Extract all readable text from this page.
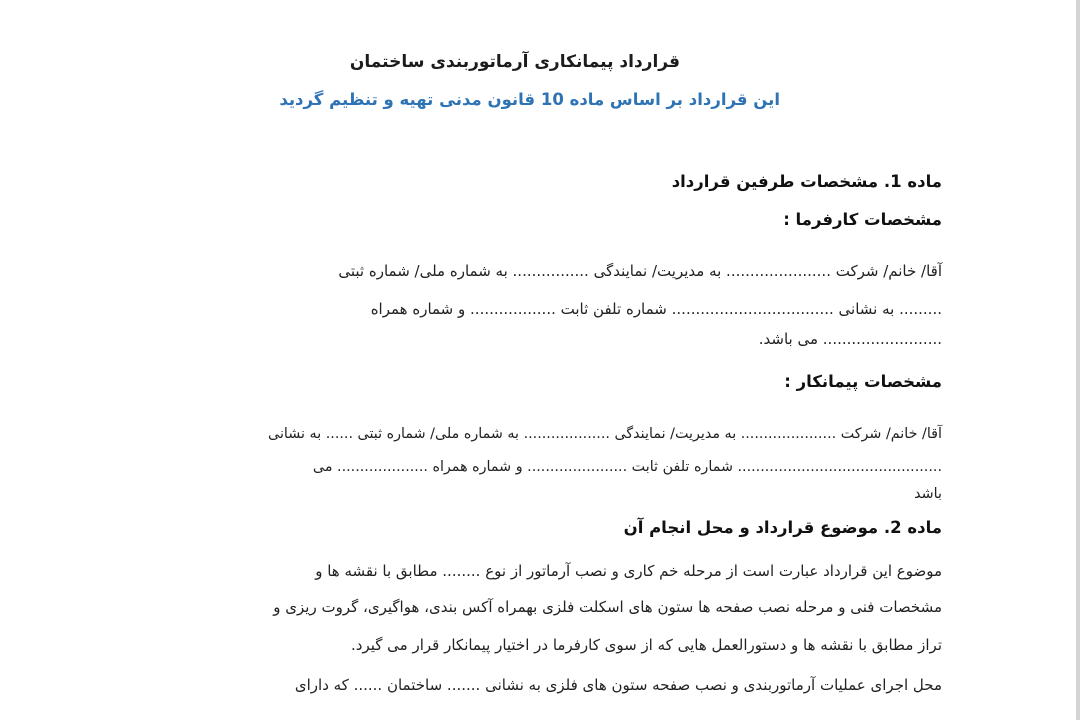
قرارداد پیمانکاری آرماتوربندی ساختمان
این قرارداد بر اساس ماده 10 قانون مدنی تهیه و تنظیم گردید
ماده 1. مشخصات طرفین قرارداد
مشخصات کارفرما :
آقا/ خانم/ شرکت ...................... به مدیریت/ نمایندگی ................ به شماره ملی/ شماره ثبتی
......... به نشانی .................................. شماره تلفن ثابت .................. و شماره همراه
......................... می باشد.
مشخصات پیمانکار :
آقا/ خانم/ شرکت ..................... به مدیریت/ نمایندگی ................... به شماره ملی/ شماره ثبتی ...... به نشانی
............................................. شماره تلفن ثابت ...................... و شماره همراه .................... می
باشد
ماده 2. موضوع قرارداد و محل انجام آن
موضوع این قرارداد عبارت است از مرحله خم کاری و نصب آرماتور از نوع ........ مطابق با نقشه ها و
مشخصات فنی و مرحله نصب صفحه ها ستون های اسکلت فلزی بهمراه آکس بندی، هواگیری، گروت ریزی و
تراز مطابق با نقشه ها و دستورالعمل هایی که از سوی کارفرما در اختیار پیمانکار قرار می گیرد.
محل اجرای عملیات آرماتوربندی و نصب صفحه ستون های فلزی به نشانی ....... ساختمان ...... که دارای
